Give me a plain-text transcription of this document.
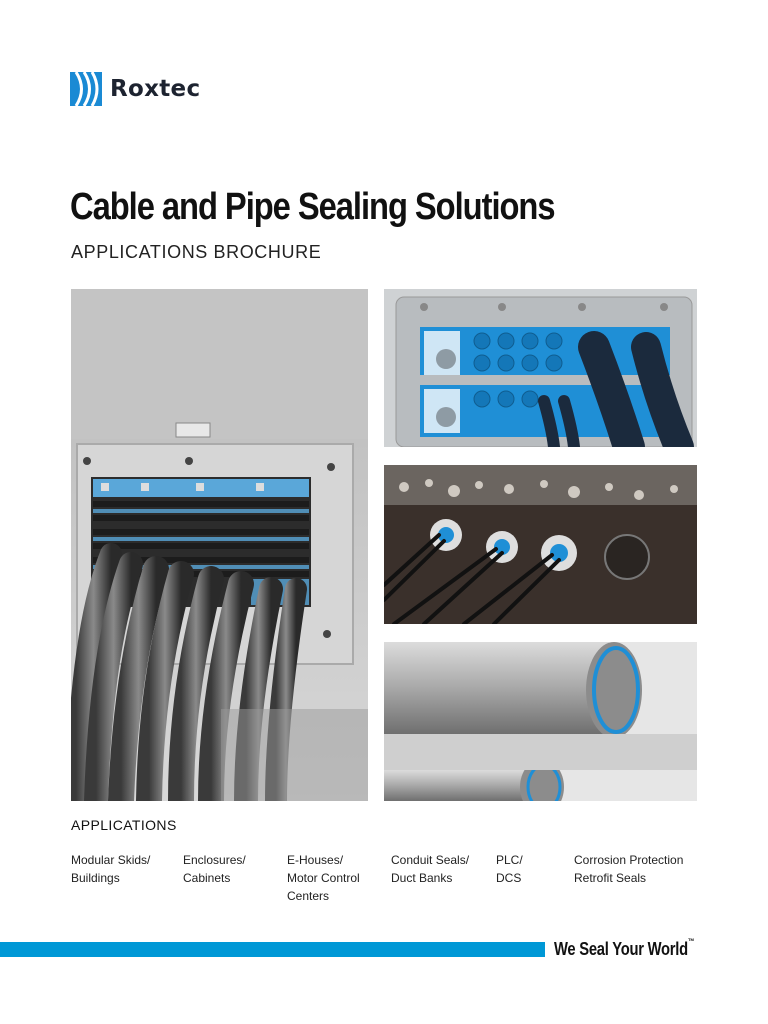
Roxtec
Cable and Pipe Sealing Solutions
APPLICATIONS BROCHURE
APPLICATIONS
Modular Skids/
Buildings
Enclosures/
Cabinets
E-Houses/
Motor Control
Centers
Conduit Seals/
Duct Banks
PLC/
DCS
Corrosion Protection
Retrofit Seals
We Seal Your World™
